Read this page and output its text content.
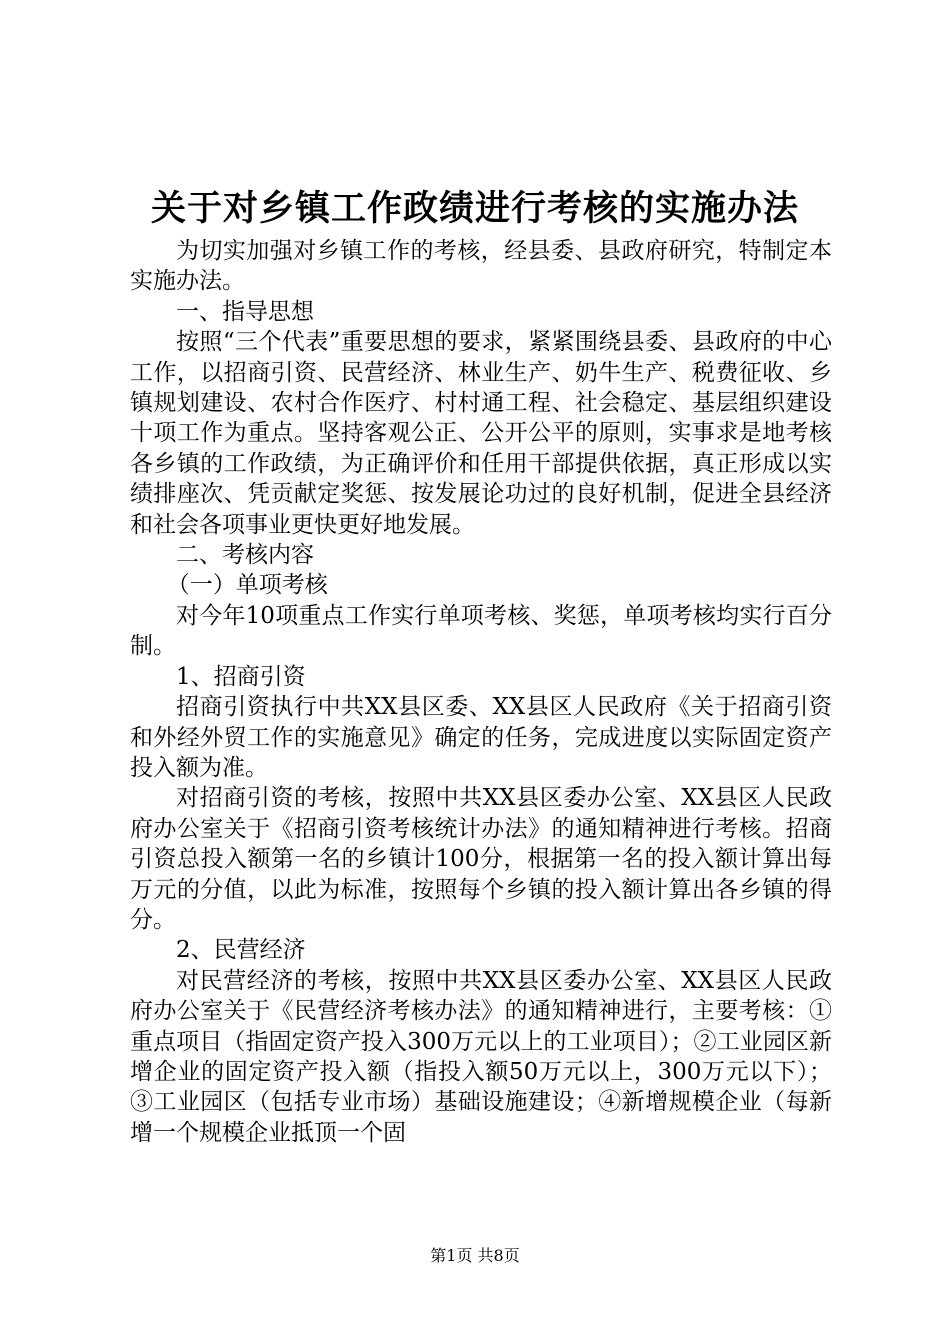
关于对乡镇工作政绩进行考核的实施办法

为切实加强对乡镇工作的考核，经县委、县政府研究，特制定本实施办法。

一、指导思想

按照“三个代表”重要思想的要求，紧紧围绕县委、县政府的中心工作，以招商引资、民营经济、林业生产、奶牛生产、税费征收、乡镇规划建设、农村合作医疗、村村通工程、社会稳定、基层组织建设十项工作为重点。坚持客观公正、公开公平的原则，实事求是地考核各乡镇的工作政绩，为正确评价和任用干部提供依据，真正形成以实绩排座次、凭贡献定奖惩、按发展论功过的良好机制，促进全县经济和社会各项事业更快更好地发展。

二、考核内容

（一）单项考核

对今年10项重点工作实行单项考核、奖惩，单项考核均实行百分制。

1、招商引资

招商引资执行中共XX县区委、XX县区人民政府《关于招商引资和外经外贸工作的实施意见》确定的任务，完成进度以实际固定资产投入额为准。

对招商引资的考核，按照中共XX县区委办公室、XX县区人民政府办公室关于《招商引资考核统计办法》的通知精神进行考核。招商引资总投入额第一名的乡镇计100分，根据第一名的投入额计算出每万元的分值，以此为标准，按照每个乡镇的投入额计算出各乡镇的得分。

2、民营经济

对民营经济的考核，按照中共XX县区委办公室、XX县区人民政府办公室关于《民营经济考核办法》的通知精神进行，主要考核：①重点项目（指固定资产投入300万元以上的工业项目）；②工业园区新增企业的固定资产投入额（指投入额50万元以上，300万元以下）；③工业园区（包括专业市场）基础设施建设；④新增规模企业（每新增一个规模企业抵顶一个固

第1页 共8页
